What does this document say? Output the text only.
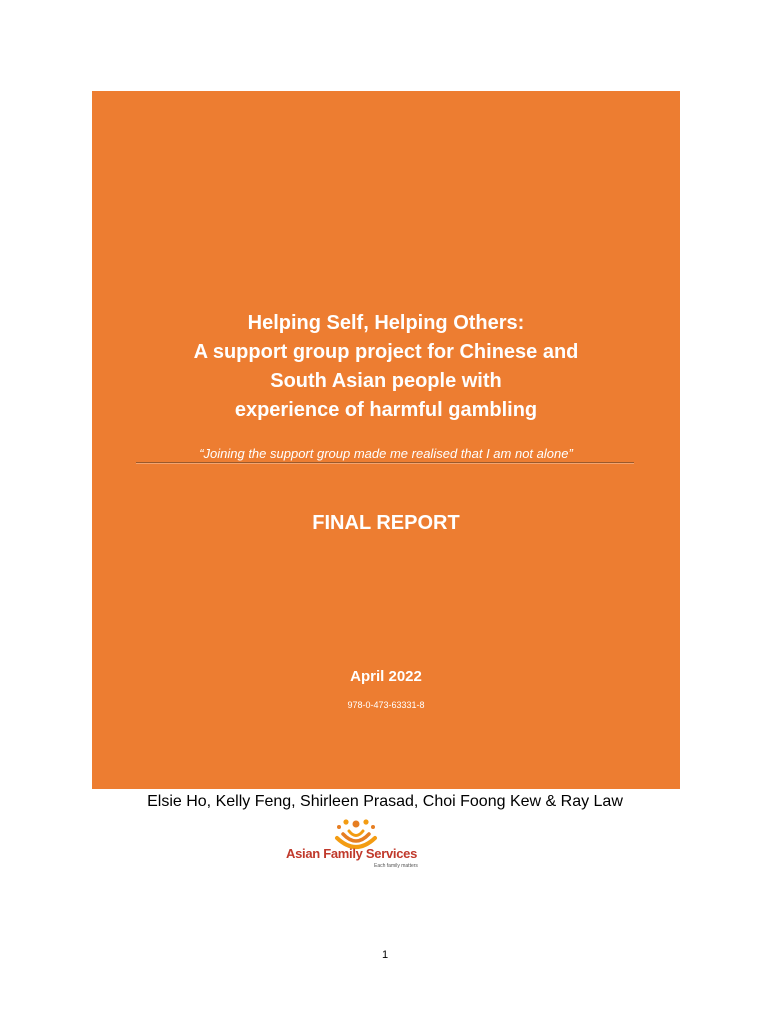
Helping Self, Helping Others:
A support group project for Chinese and
South Asian people with
experience of harmful gambling
“Joining the support group made me realised that I am not alone”
FINAL REPORT
April 2022
978-0-473-63331-8
Elsie Ho, Kelly Feng, Shirleen Prasad, Choi Foong Kew & Ray Law
Asian Family Services
Each family matters
1
